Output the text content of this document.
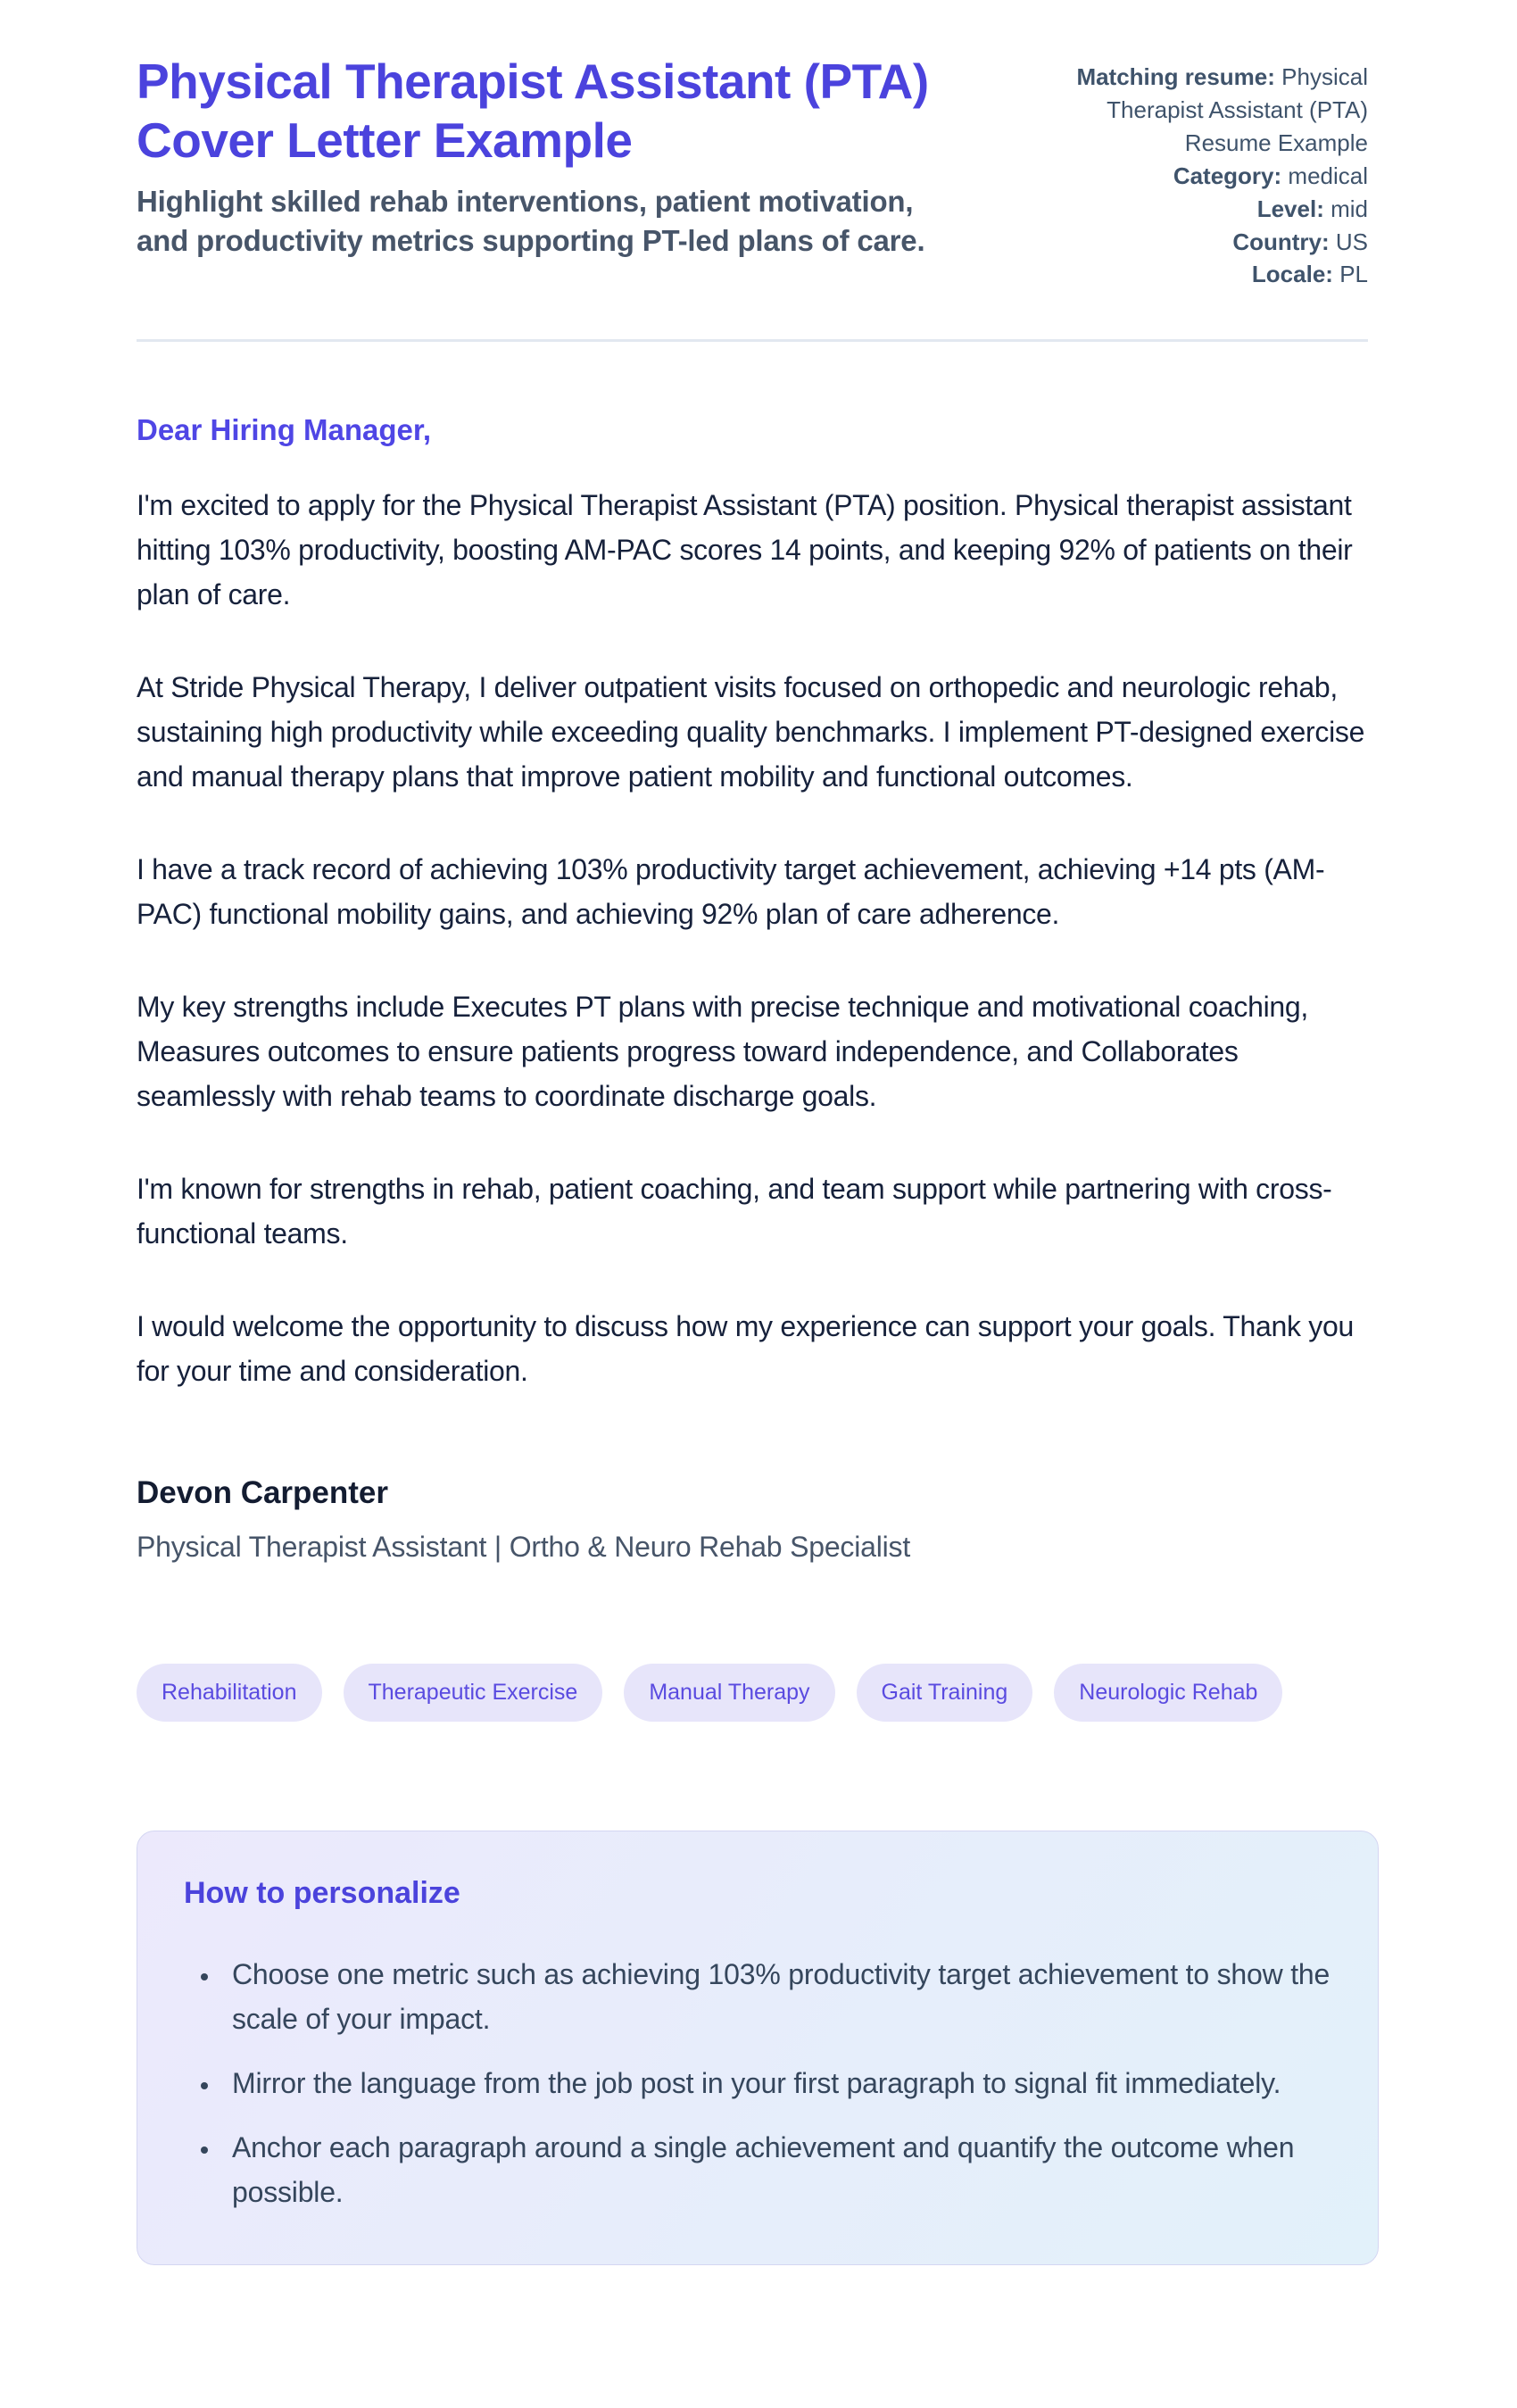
Physical Therapist Assistant (PTA) Cover Letter Example
Highlight skilled rehab interventions, patient motivation, and productivity metrics supporting PT-led plans of care.
Matching resume: Physical Therapist Assistant (PTA) Resume Example
Category: medical
Level: mid
Country: US
Locale: PL
Dear Hiring Manager,

I'm excited to apply for the Physical Therapist Assistant (PTA) position. Physical therapist assistant hitting 103% productivity, boosting AM-PAC scores 14 points, and keeping 92% of patients on their plan of care.

At Stride Physical Therapy, I deliver outpatient visits focused on orthopedic and neurologic rehab, sustaining high productivity while exceeding quality benchmarks. I implement PT-designed exercise and manual therapy plans that improve patient mobility and functional outcomes.

I have a track record of achieving 103% productivity target achievement, achieving +14 pts (AM-PAC) functional mobility gains, and achieving 92% plan of care adherence.

My key strengths include Executes PT plans with precise technique and motivational coaching, Measures outcomes to ensure patients progress toward independence, and Collaborates seamlessly with rehab teams to coordinate discharge goals.

I'm known for strengths in rehab, patient coaching, and team support while partnering with cross-functional teams.

I would welcome the opportunity to discuss how my experience can support your goals. Thank you for your time and consideration.

Devon Carpenter
Physical Therapist Assistant | Ortho & Neuro Rehab Specialist
Rehabilitation	Therapeutic Exercise	Manual Therapy	Gait Training	Neurologic Rehab
How to personalize
• Choose one metric such as achieving 103% productivity target achievement to show the scale of your impact.
• Mirror the language from the job post in your first paragraph to signal fit immediately.
• Anchor each paragraph around a single achievement and quantify the outcome when possible.
